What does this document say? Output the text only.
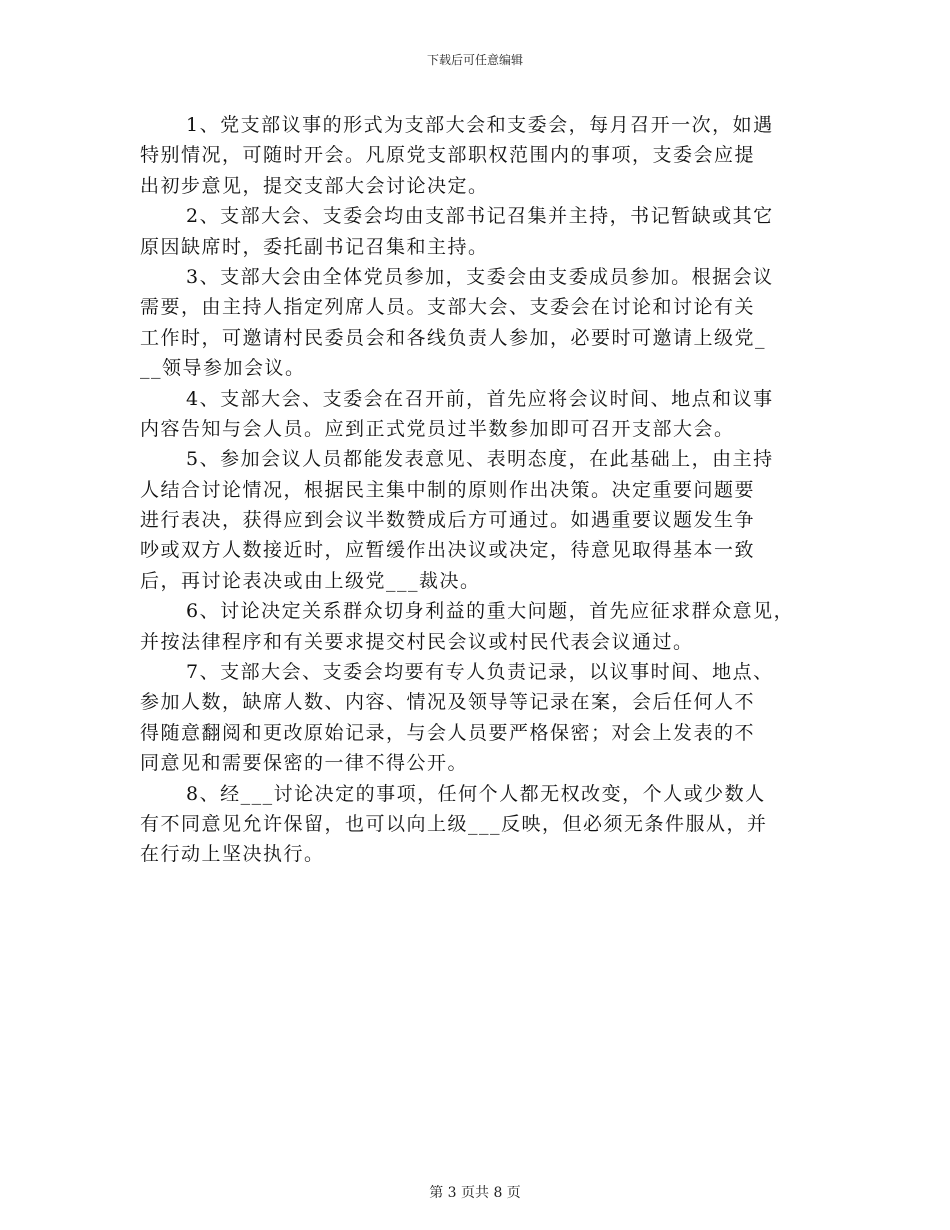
下载后可任意编辑
1、党支部议事的形式为支部大会和支委会，每月召开一次，如遇
特别情况，可随时开会。凡原党支部职权范围内的事项，支委会应提
出初步意见，提交支部大会讨论决定。
2、支部大会、支委会均由支部书记召集并主持，书记暂缺或其它
原因缺席时，委托副书记召集和主持。
3、支部大会由全体党员参加，支委会由支委成员参加。根据会议
需要，由主持人指定列席人员。支部大会、支委会在讨论和讨论有关
工作时，可邀请村民委员会和各线负责人参加，必要时可邀请上级党_
__领导参加会议。
4、支部大会、支委会在召开前，首先应将会议时间、地点和议事
内容告知与会人员。应到正式党员过半数参加即可召开支部大会。
5、参加会议人员都能发表意见、表明态度，在此基础上，由主持
人结合讨论情况，根据民主集中制的原则作出决策。决定重要问题要
进行表决，获得应到会议半数赞成后方可通过。如遇重要议题发生争
吵或双方人数接近时，应暂缓作出决议或决定，待意见取得基本一致
后，再讨论表决或由上级党___裁决。
6、讨论决定关系群众切身利益的重大问题，首先应征求群众意见，
并按法律程序和有关要求提交村民会议或村民代表会议通过。
7、支部大会、支委会均要有专人负责记录，以议事时间、地点、
参加人数，缺席人数、内容、情况及领导等记录在案，会后任何人不
得随意翻阅和更改原始记录，与会人员要严格保密；对会上发表的不
同意见和需要保密的一律不得公开。
8、经___讨论决定的事项，任何个人都无权改变，个人或少数人
有不同意见允许保留，也可以向上级___反映，但必须无条件服从，并
在行动上坚决执行。
第 3 页共 8 页
